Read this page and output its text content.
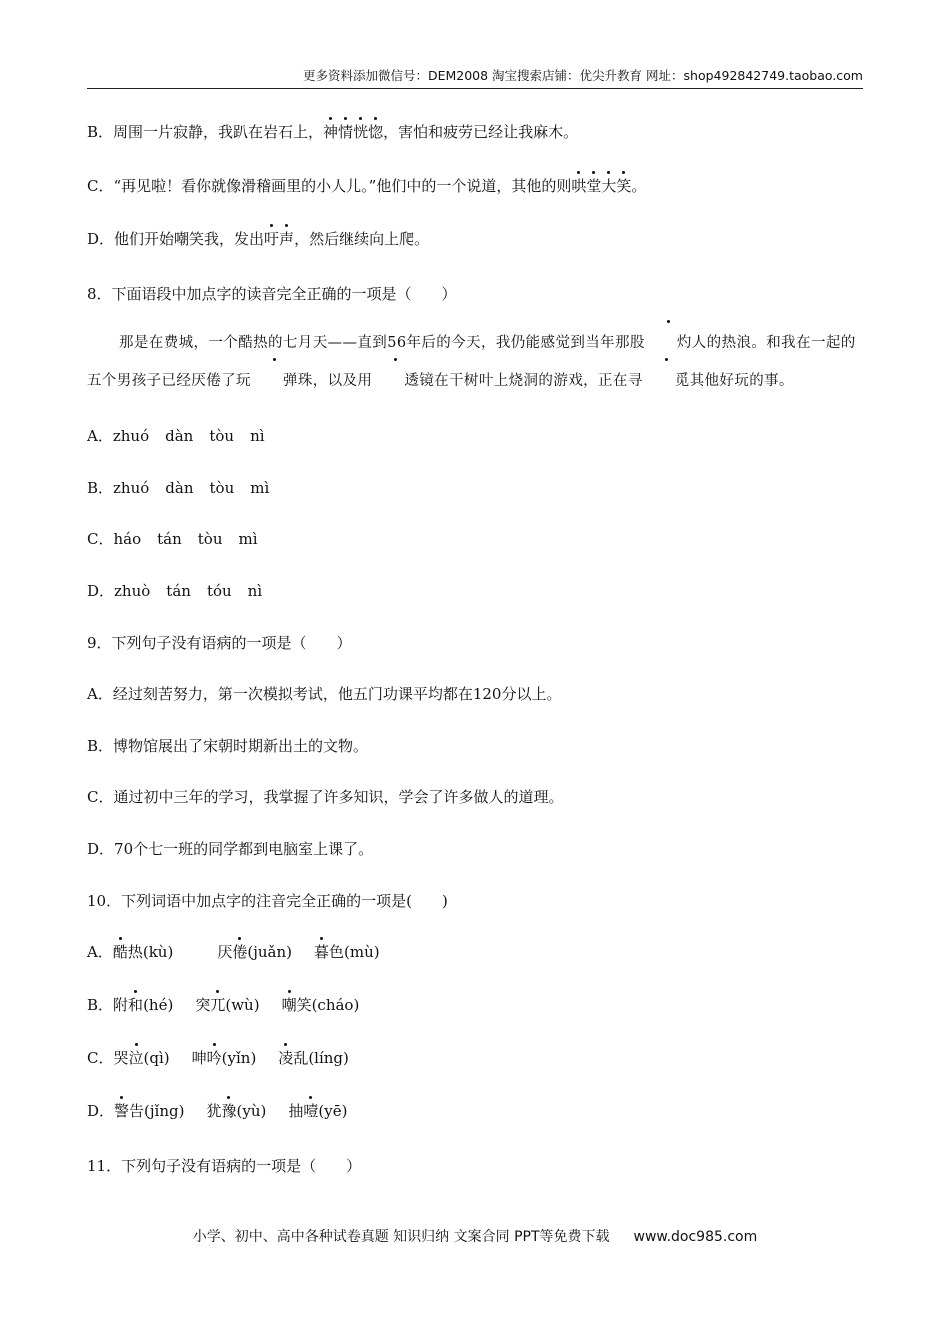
更多资料添加微信号：DEM2008 淘宝搜索店铺：优尖升教育 网址：shop492842749.taobao.com
B．周围一片寂静，我趴在岩石上，神情恍惚，害怕和疲劳已经让我麻木。
C．“再见啦！看你就像滑稽画里的小人儿。”他们中的一个说道，其他的则哄堂大笑。
D．他们开始嘲笑我，发出吁声，然后继续向上爬。
8．下面语段中加点字的读音完全正确的一项是（　　）
那是在费城，一个酷热的七月天——直到56年后的今天，我仍能感觉到当年那股 灼人的热浪。和我在一起的五个男孩子已经厌倦了玩 弹珠，以及用 透镜在干树叶上烧洞的游戏，正在寻 觅其他好玩的事。
A．zhuó dàn tòu nì
B．zhuó dàn tòu mì
C．háo tán tòu mì
D．zhuò tán tóu nì
9．下列句子没有语病的一项是（　　）
A．经过刻苦努力，第一次模拟考试，他五门功课平均都在120分以上。
B．博物馆展出了宋朝时期新出土的文物。
C．通过初中三年的学习，我掌握了许多知识，学会了许多做人的道理。
D．70个七一班的同学都到电脑室上课了。
10．下列词语中加点字的注音完全正确的一项是(　　)
A．酷热(kù)	厌倦(juǎn) 暮色(mù)
B．附和(hé) 突兀(wù) 嘲笑(cháo)
C．哭泣(qì) 呻吟(yǐn) 凌乱(líng)
D．警告(jǐng) 犹豫(yù) 抽噎(yē)
11．下列句子没有语病的一项是（　　）
小学、初中、高中各种试卷真题 知识归纳 文案合同 PPT等免费下载 www.doc985.com
